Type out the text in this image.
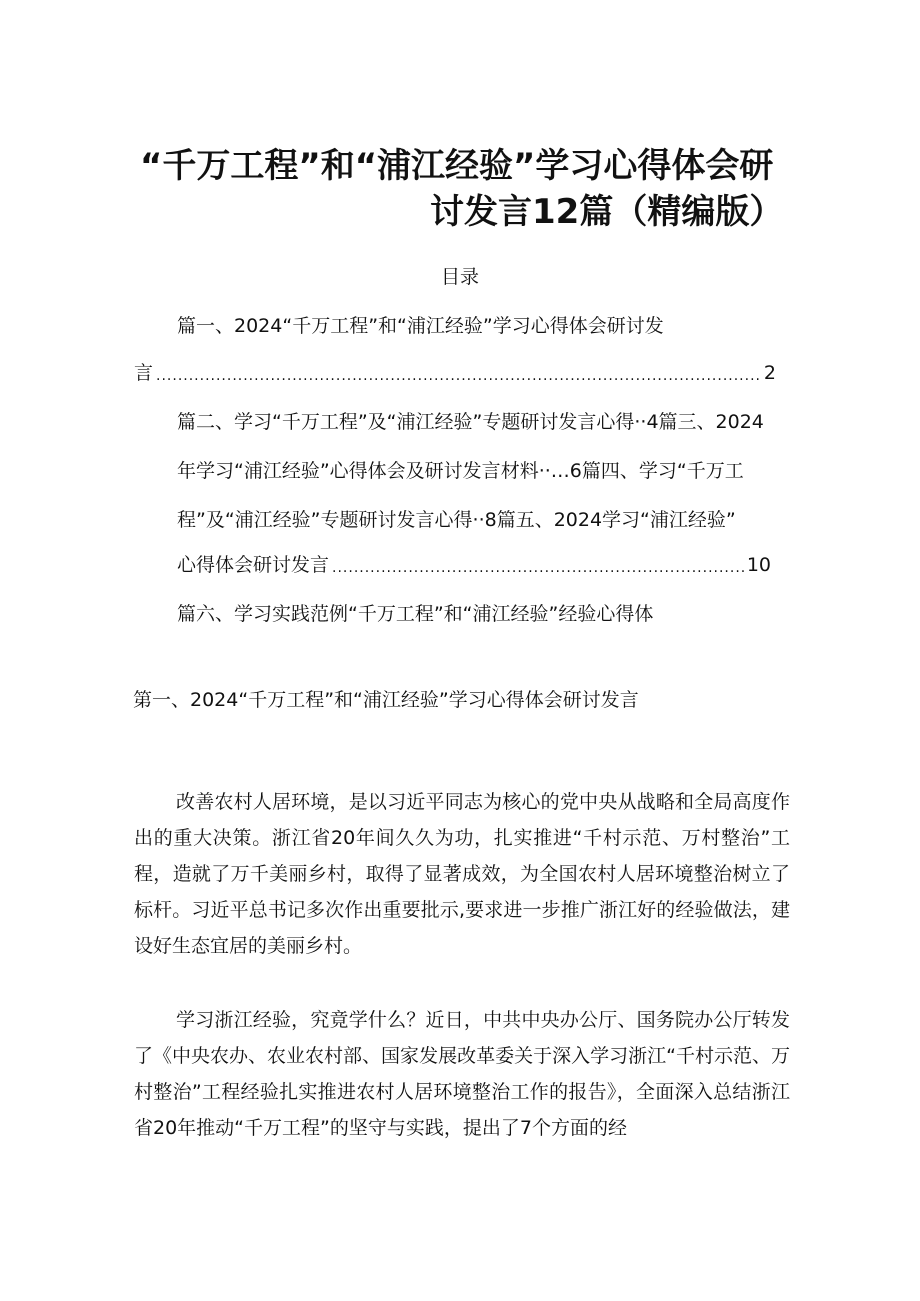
“千万工程”和“浦江经验”学习心得体会研
讨发言12篇（精编版）
目录
篇一、2024“千万工程”和“浦江经验”学习心得体会研讨发
言 .....	2
篇二、学习“千万工程”及“浦江经验”专题研讨发言心得··4篇三、2024
年学习“浦江经验”心得体会及研讨发言材料··…6篇四、学习“千万工
程”及“浦江经验”专题研讨发言心得··8篇五、2024学习“浦江经验”
心得体会研讨发言 .....	10
篇六、学习实践范例“千万工程”和“浦江经验”经验心得体
第一、2024“千万工程”和“浦江经验”学习心得体会研讨发言

改善农村人居环境，是以习近平同志为核心的党中央从战略和全局高度作出的重大决策。浙江省20年间久久为功，扎实推进“千村示范、万村整治”工程，造就了万千美丽乡村，取得了显著成效，为全国农村人居环境整治树立了标杆。习近平总书记多次作出重要批示,要求进一步推广浙江好的经验做法，建设好生态宜居的美丽乡村。

学习浙江经验，究竟学什么？近日，中共中央办公厅、国务院办公厅转发了《中央农办、农业农村部、国家发展改革委关于深入学习浙江“千村示范、万村整治”工程经验扎实推进农村人居环境整治工作的报告》，全面深入总结浙江省20年推动“千万工程”的坚守与实践，提出了7个方面的经
